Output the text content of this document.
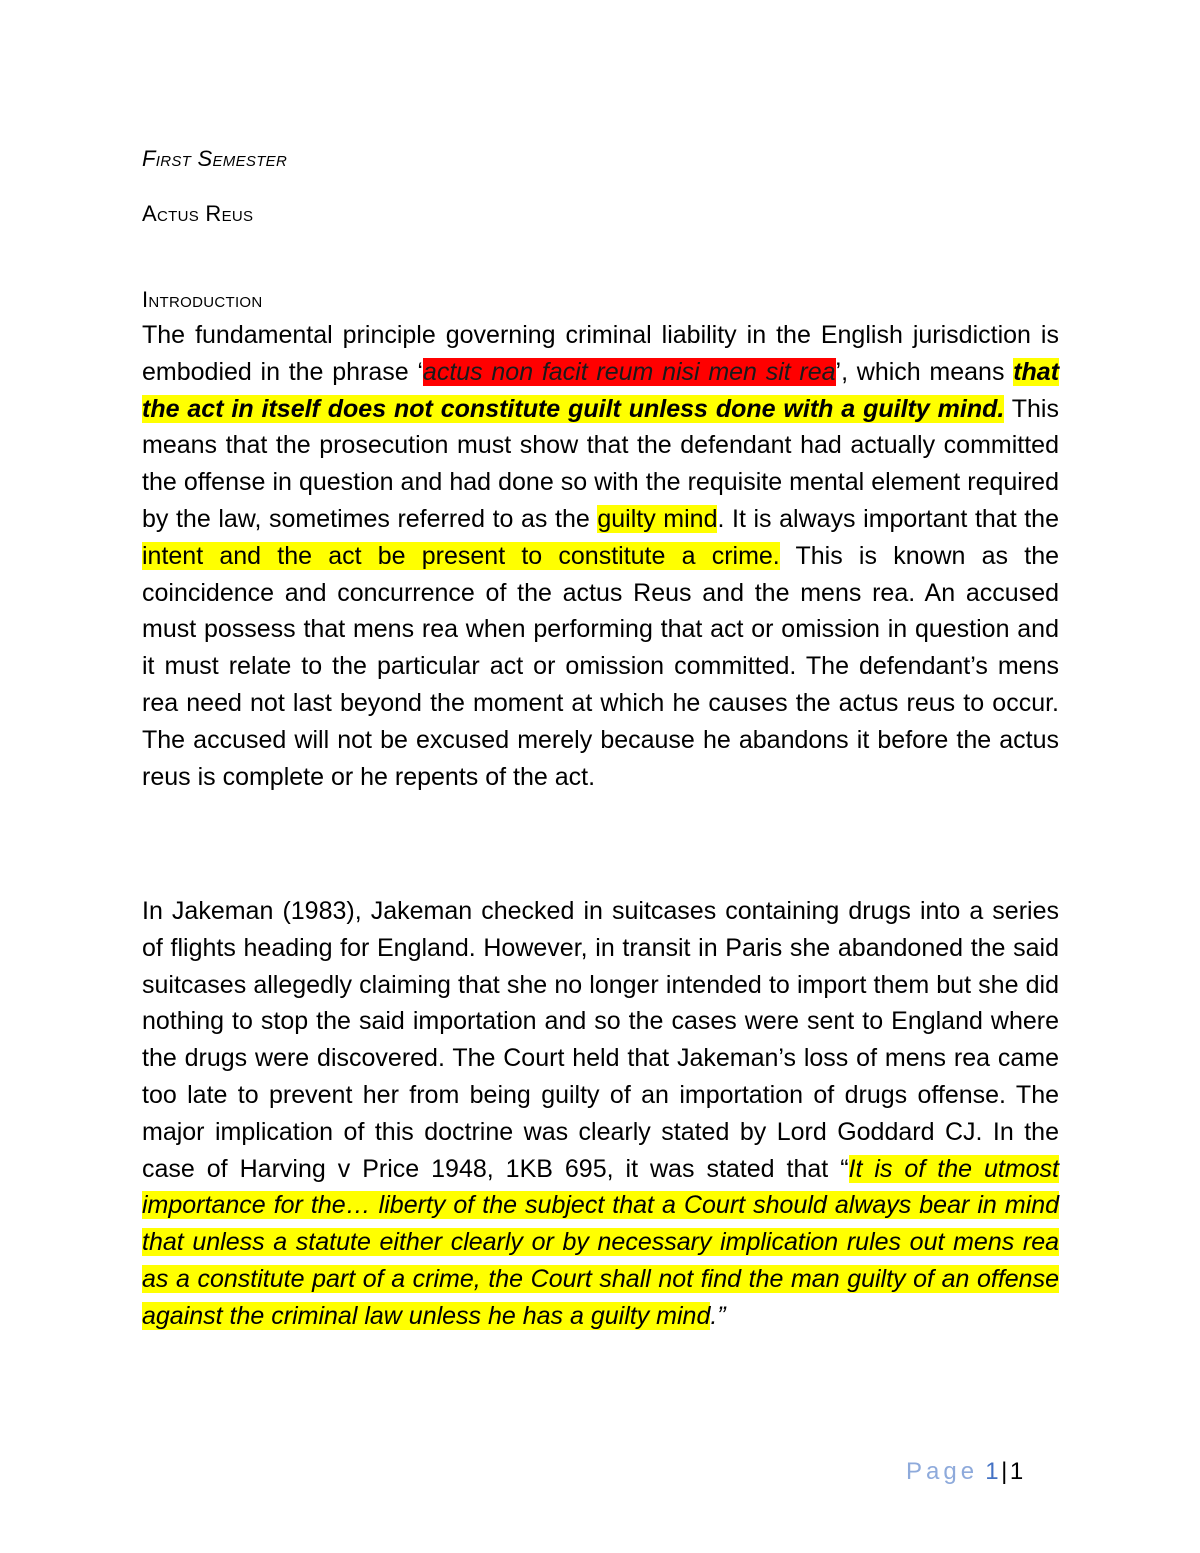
First Semester
Actus Reus
Introduction

The fundamental principle governing criminal liability in the English jurisdiction is embodied in the phrase ‘actus non facit reum nisi men sit rea’, which means that the act in itself does not constitute guilt unless done with a guilty mind. This means that the prosecution must show that the defendant had actually committed the offense in question and had done so with the requisite mental element required by the law, sometimes referred to as the guilty mind. It is always important that the intent and the act be present to constitute a crime. This is known as the coincidence and concurrence of the actus Reus and the mens rea. An accused must possess that mens rea when performing that act or omission in question and it must relate to the particular act or omission committed. The defendant’s mens rea need not last beyond the moment at which he causes the actus reus to occur. The accused will not be excused merely because he abandons it before the actus reus is complete or he repents of the act.

In Jakeman (1983), Jakeman checked in suitcases containing drugs into a series of flights heading for England. However, in transit in Paris she abandoned the said suitcases allegedly claiming that she no longer intended to import them but she did nothing to stop the said importation and so the cases were sent to England where the drugs were discovered. The Court held that Jakeman’s loss of mens rea came too late to prevent her from being guilty of an importation of drugs offense. The major implication of this doctrine was clearly stated by Lord Goddard CJ. In the case of Harving v Price 1948, 1KB 695, it was stated that “It is of the utmost importance for the… liberty of the subject that a Court should always bear in mind that unless a statute either clearly or by necessary implication rules out mens rea as a constitute part of a crime, the Court shall not find the man guilty of an offense against the criminal law unless he has a guilty mind.”

Page 1|1
